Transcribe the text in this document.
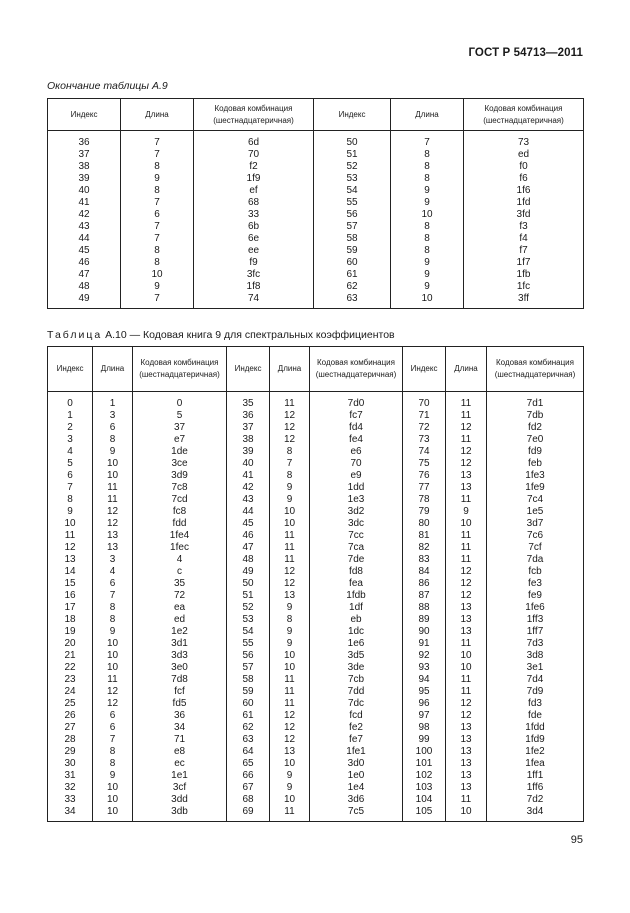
ГОСТ Р 54713—2011
Окончание таблицы А.9
Индекс	Длина	Кодовая комбинация (шестнадцатеричная)	Индекс	Длина	Кодовая комбинация (шестнадцатеричная)
36	7	6d	50	7	73
37	7	70	51	8	ed
38	8	f2	52	8	f0
39	9	1f9	53	8	f6
40	8	ef	54	9	1f6
41	7	68	55	9	1fd
42	6	33	56	10	3fd
43	7	6b	57	8	f3
44	7	6e	58	8	f4
45	8	ee	59	8	f7
46	8	f9	60	9	1f7
47	10	3fc	61	9	1fb
48	9	1f8	62	9	1fc
49	7	74	63	10	3ff
Таблица А.10 — Кодовая книга 9 для спектральных коэффициентов
Индекс	Длина	Кодовая комбинация (шестнадцатеричная)	Индекс	Длина	Кодовая комбинация (шестнадцатеричная)	Индекс	Длина	Кодовая комбинация (шестнадцатеричная)
0	1	0	35	11	7d0	70	11	7d1
1	3	5	36	12	fc7	71	11	7db
2	6	37	37	12	fd4	72	12	fd2
3	8	e7	38	12	fe4	73	11	7e0
4	9	1de	39	8	e6	74	12	fd9
5	10	3ce	40	7	70	75	12	feb
6	10	3d9	41	8	e9	76	13	1fe3
7	11	7c8	42	9	1dd	77	13	1fe9
8	11	7cd	43	9	1e3	78	11	7c4
9	12	fc8	44	10	3d2	79	9	1e5
10	12	fdd	45	10	3dc	80	10	3d7
11	13	1fe4	46	11	7cc	81	11	7c6
12	13	1fec	47	11	7ca	82	11	7cf
13	3	4	48	11	7de	83	11	7da
14	4	c	49	12	fd8	84	12	fcb
15	6	35	50	12	fea	86	12	fe3
16	7	72	51	13	1fdb	87	12	fe9
17	8	ea	52	9	1df	88	13	1fe6
18	8	ed	53	8	eb	89	13	1ff3
19	9	1e2	54	9	1dc	90	13	1ff7
20	10	3d1	55	9	1e6	91	11	7d3
21	10	3d3	56	10	3d5	92	10	3d8
22	10	3e0	57	10	3de	93	10	3e1
23	11	7d8	58	11	7cb	94	11	7d4
24	12	fcf	59	11	7dd	95	11	7d9
25	12	fd5	60	11	7dc	96	12	fd3
26	6	36	61	12	fcd	97	12	fde
27	6	34	62	12	fe2	98	13	1fdd
28	7	71	63	12	fe7	99	13	1fd9
29	8	e8	64	13	1fe1	100	13	1fe2
30	8	ec	65	10	3d0	101	13	1fea
31	9	1e1	66	9	1e0	102	13	1ff1
32	10	3cf	67	9	1e4	103	13	1ff6
33	10	3dd	68	10	3d6	104	11	7d2
34	10	3db	69	11	7c5	105	10	3d4
95
